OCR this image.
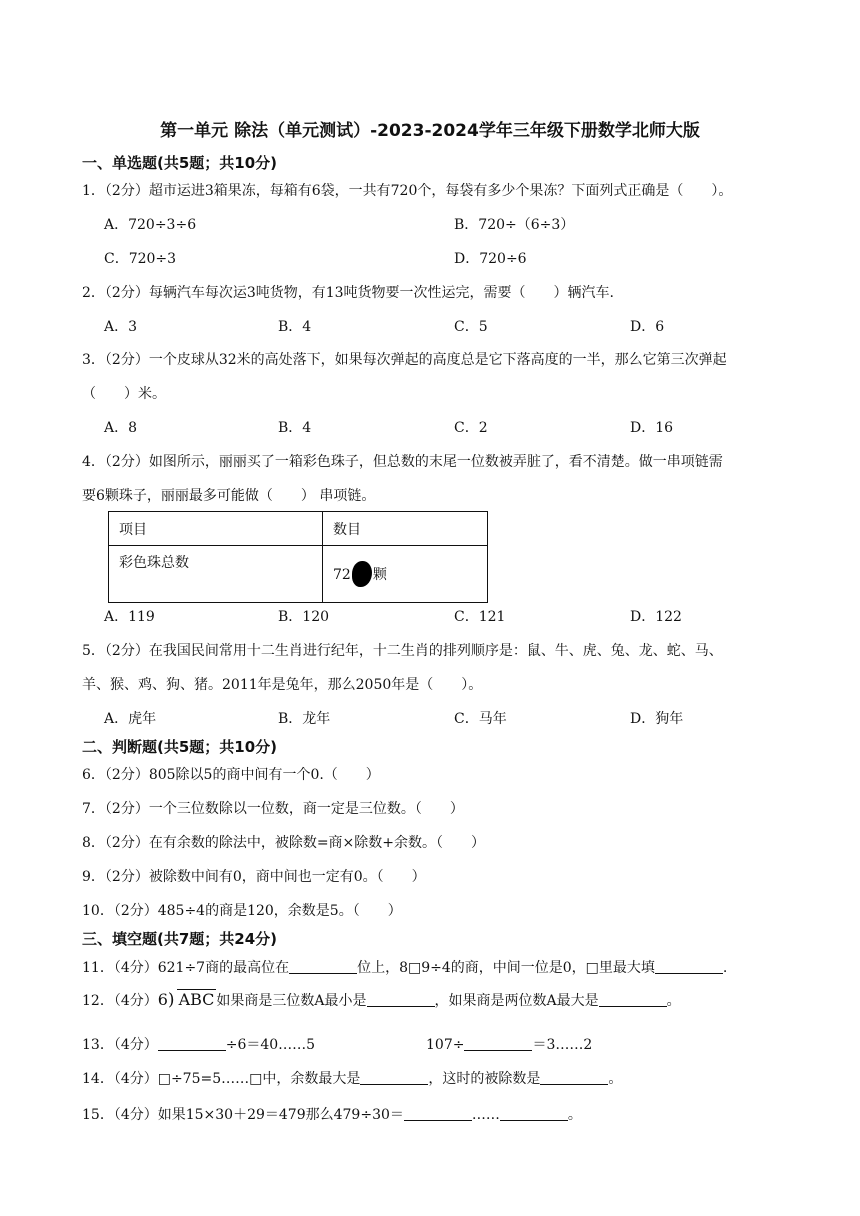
第一单元 除法（单元测试）-2023-2024学年三年级下册数学北师大版
一、单选题(共5题；共10分)
1．（2分）超市运进3箱果冻，每箱有6袋，一共有720个，每袋有多少个果冻？下面列式正确是（　　）。
A．720÷3÷6	B．720÷（6÷3）
C．720÷3	D．720÷6
2．（2分）每辆汽车每次运3吨货物，有13吨货物要一次性运完，需要（　　）辆汽车.
A．3	B．4	C．5	D．6
3．（2分）一个皮球从32米的高处落下，如果每次弹起的高度总是它下落高度的一半，那么它第三次弹起
（　　）米。
A．8	B．4	C．2	D．16
4．（2分）如图所示，丽丽买了一箱彩色珠子，但总数的末尾一位数被弄脏了，看不清楚。做一串项链需
要6颗珠子，丽丽最多可能做（　　） 串项链。
项目	数目
彩色珠总数	72 颗
A．119	B．120	C．121	D．122
5．（2分）在我国民间常用十二生肖进行纪年，十二生肖的排列顺序是：鼠、牛、虎、兔、龙、蛇、马、
羊、猴、鸡、狗、猪。2011年是兔年，那么2050年是（　　）。
A．虎年	B．龙年	C．马年	D．狗年
二、判断题(共5题；共10分)
6．（2分）805除以5的商中间有一个0.（　　）
7．（2分）一个三位数除以一位数，商一定是三位数。（　　）
8．（2分）在有余数的除法中，被除数=商×除数+余数。（　　）
9．（2分）被除数中间有0，商中间也一定有0。（　　）
10．（2分）485÷4的商是120，余数是5。（　　）
三、填空题(共7题；共24分)
11．（4分）621÷7商的最高位在	位上，8□9÷4的商，中间一位是0，□里最大填	.
12．（4分）6) ABC 如果商是三位数A最小是	，如果商是两位数A最大是	。
13．（4分）	÷6＝40……5	107÷	＝3……2
14．（4分）□÷75=5……□中，余数最大是	，这时的被除数是	。
15．（4分）如果15×30＋29＝479那么479÷30＝	……	。
